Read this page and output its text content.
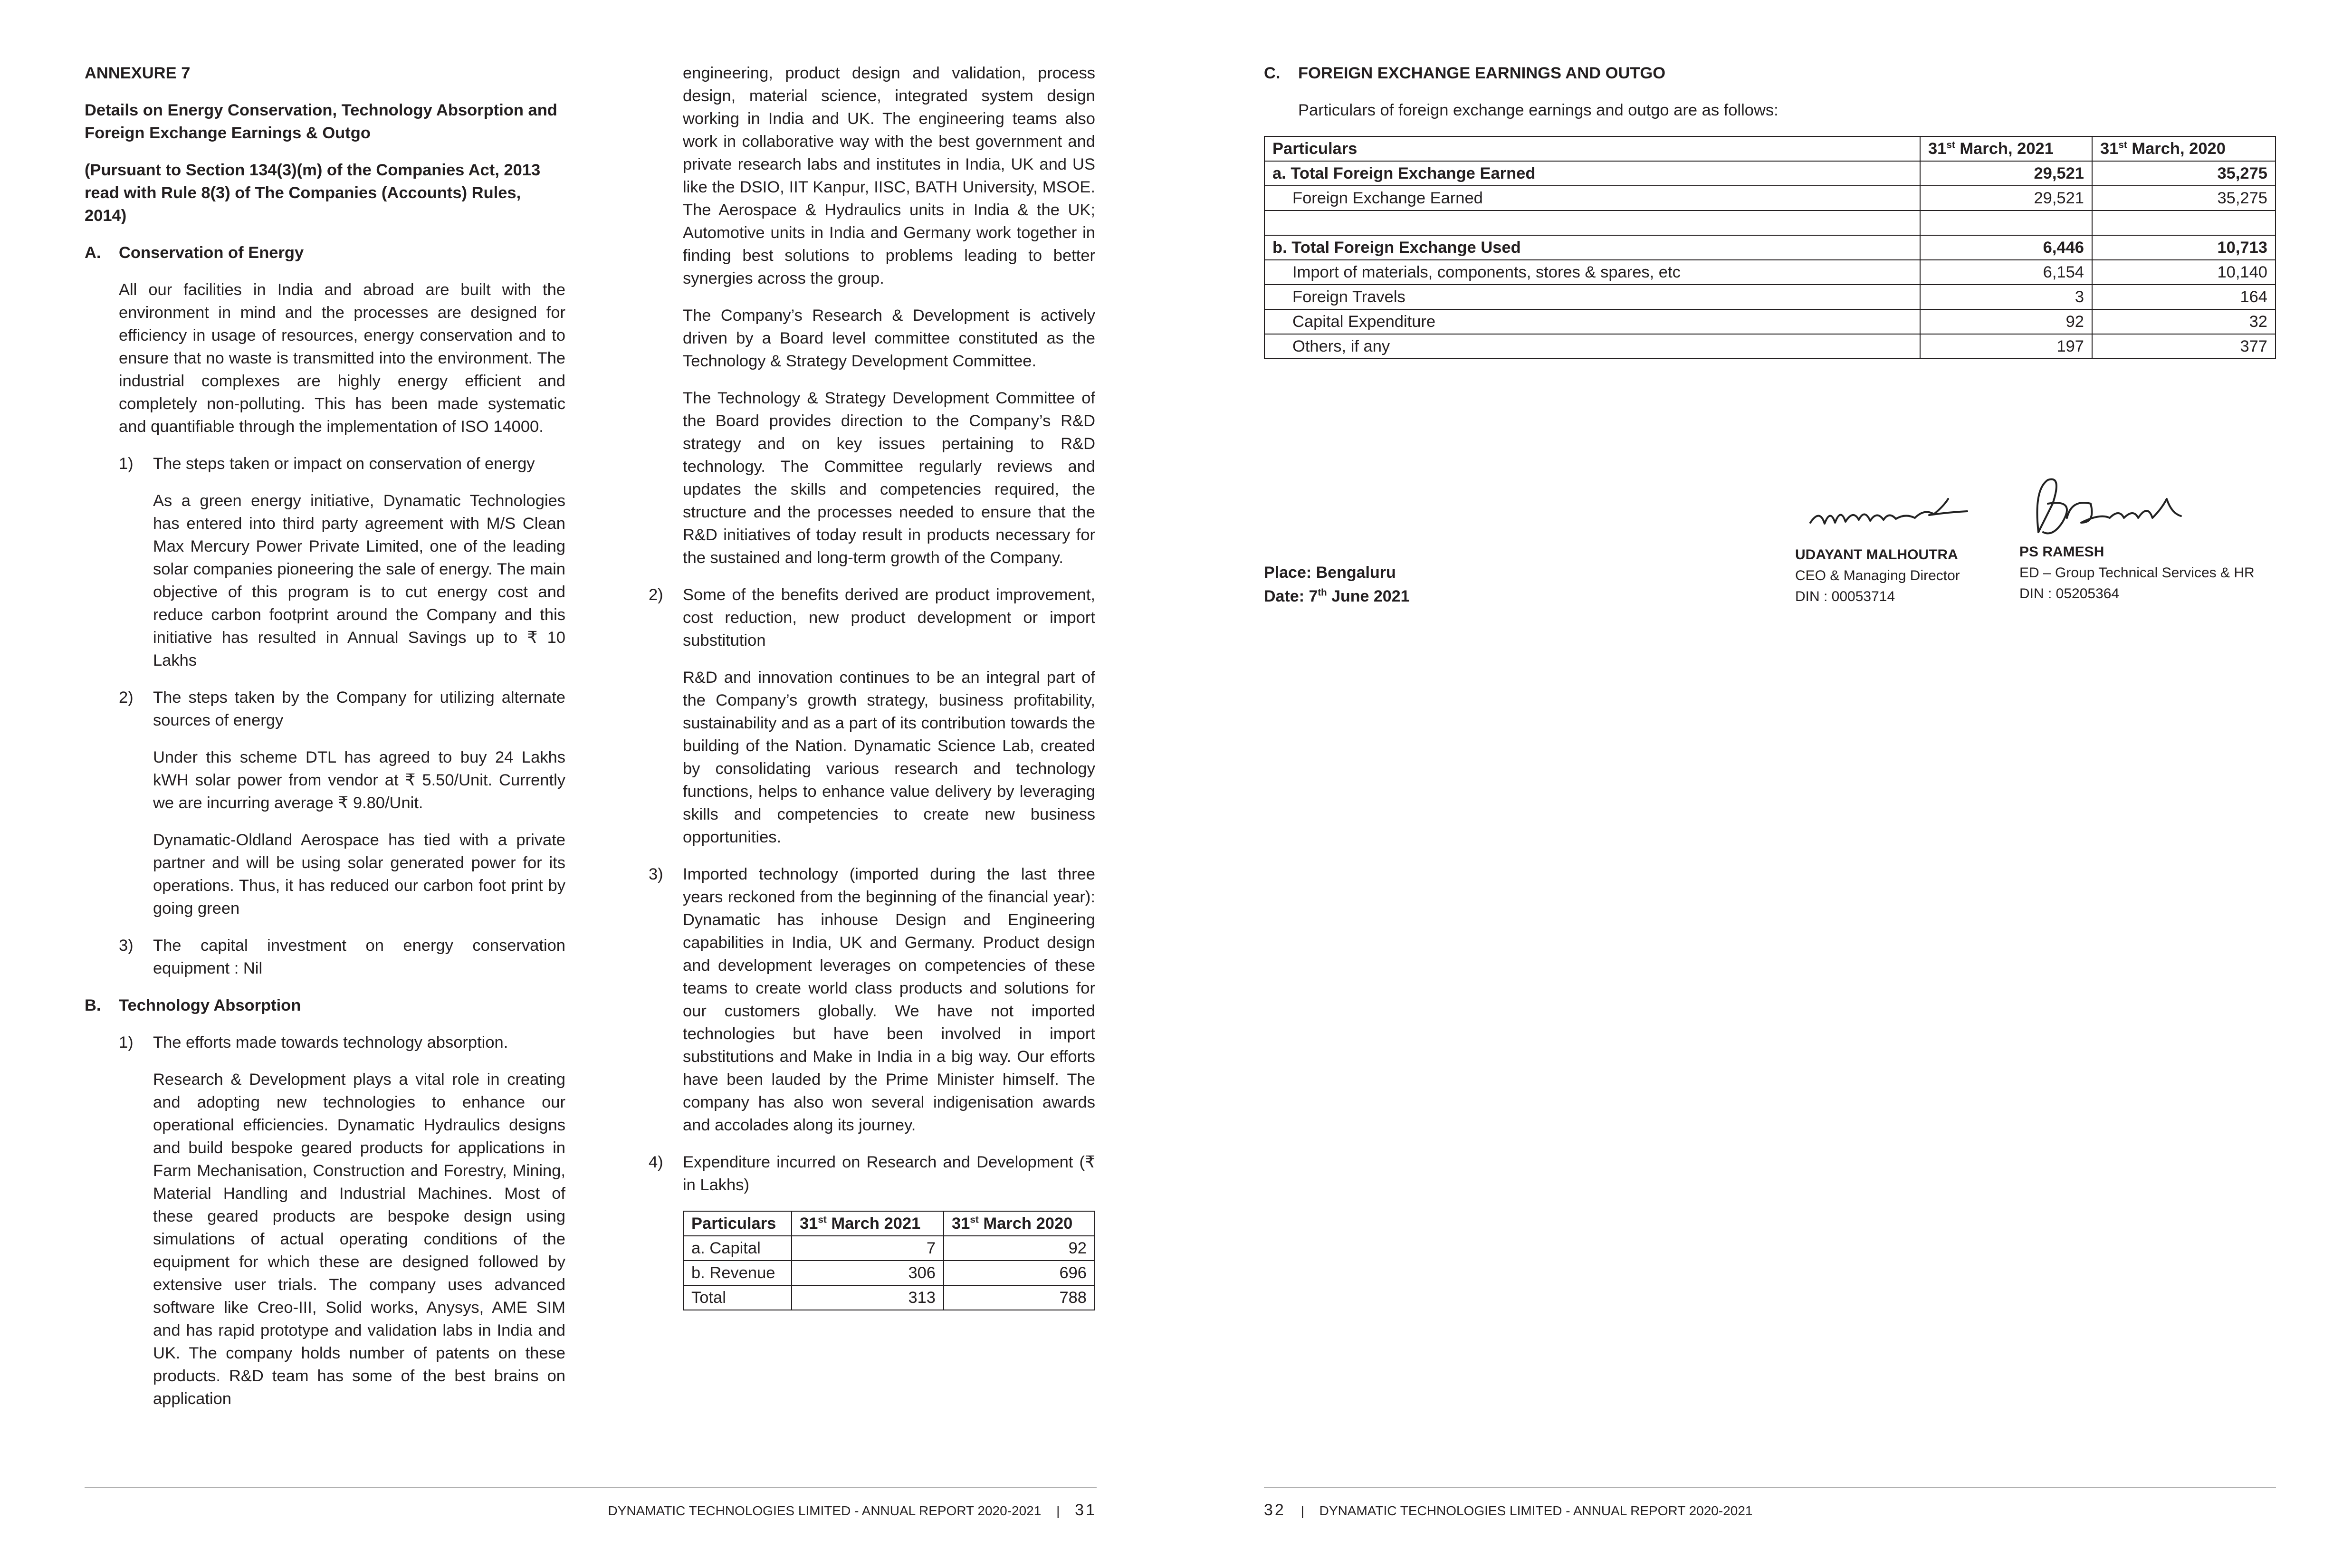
ANNEXURE 7
Details on Energy Conservation, Technology Absorption and Foreign Exchange Earnings & Outgo
(Pursuant to Section 134(3)(m) of the Companies Act, 2013 read with Rule 8(3) of The Companies (Accounts) Rules, 2014)
A. Conservation of Energy

All our facilities in India and abroad are built with the environment in mind and the processes are designed for efficiency in usage of resources, energy conservation and to ensure that no waste is transmitted into the environment. The industrial complexes are highly energy efficient and completely non-polluting. This has been made systematic and quantifiable through the implementation of ISO 14000.

1) The steps taken or impact on conservation of energy

As a green energy initiative, Dynamatic Technologies has entered into third party agreement with M/S Clean Max Mercury Power Private Limited, one of the leading solar companies pioneering the sale of energy. The main objective of this program is to cut energy cost and reduce carbon footprint around the Company and this initiative has resulted in Annual Savings up to ₹ 10 Lakhs

2) The steps taken by the Company for utilizing alternate sources of energy

Under this scheme DTL has agreed to buy 24 Lakhs kWH solar power from vendor at ₹ 5.50/Unit. Currently we are incurring average ₹ 9.80/Unit.

Dynamatic-Oldland Aerospace has tied with a private partner and will be using solar generated power for its operations. Thus, it has reduced our carbon foot print by going green

3) The capital investment on energy conservation equipment : Nil
B. Technology Absorption
1) The efforts made towards technology absorption.

Research & Development plays a vital role in creating and adopting new technologies to enhance our operational efficiencies. Dynamatic Hydraulics designs and build bespoke geared products for applications in Farm Mechanisation, Construction and Forestry, Mining, Material Handling and Industrial Machines. Most of these geared products are bespoke design using simulations of actual operating conditions of the equipment for which these are designed followed by extensive user trials. The company uses advanced software like Creo-III, Solid works, Anysys, AME SIM and has rapid prototype and validation labs in India and UK. The company holds number of patents on these products. R&D team has some of the best brains on application

engineering, product design and validation, process design, material science, integrated system design working in India and UK. The engineering teams also work in collaborative way with the best government and private research labs and institutes in India, UK and US like the DSIO, IIT Kanpur, IISC, BATH University, MSOE. The Aerospace & Hydraulics units in India & the UK; Automotive units in India and Germany work together in finding best solutions to problems leading to better synergies across the group.

The Company’s Research & Development is actively driven by a Board level committee constituted as the Technology & Strategy Development Committee.

The Technology & Strategy Development Committee of the Board provides direction to the Company’s R&D strategy and on key issues pertaining to R&D technology. The Committee regularly reviews and updates the skills and competencies required, the structure and the processes needed to ensure that the R&D initiatives of today result in products necessary for the sustained and long-term growth of the Company.

2) Some of the benefits derived are product improvement, cost reduction, new product development or import substitution

R&D and innovation continues to be an integral part of the Company’s growth strategy, business profitability, sustainability and as a part of its contribution towards the building of the Nation. Dynamatic Science Lab, created by consolidating various research and technology functions, helps to enhance value delivery by leveraging skills and competencies to create new business opportunities.

3) Imported technology (imported during the last three years reckoned from the beginning of the financial year): Dynamatic has inhouse Design and Engineering capabilities in India, UK and Germany. Product design and development leverages on competencies of these teams to create world class products and solutions for our customers globally. We have not imported technologies but have been involved in import substitutions and Make in India in a big way. Our efforts have been lauded by the Prime Minister himself. The company has also won several indigenisation awards and accolades along its journey.
4) Expenditure incurred on Research and Development (₹ in Lakhs)
Particulars	31st March 2021	31st March 2020
a. Capital	7	92
b. Revenue	306	696
Total	313	788
C. FOREIGN EXCHANGE EARNINGS AND OUTGO

Particulars of foreign exchange earnings and outgo are as follows:

Particulars	31st March, 2021	31st March, 2020
a. Total Foreign Exchange Earned	29,521	35,275
Foreign Exchange Earned	29,521	35,275

b. Total Foreign Exchange Used	6,446	10,713
Import of materials, components, stores & spares, etc	6,154	10,140
Foreign Travels	3	164
Capital Expenditure	92	32
Others, if any	197	377
Place: Bengaluru
Date: 7th June 2021
UDAYANT MALHOUTRA
CEO & Managing Director
DIN : 00053714
PS RAMESH
ED – Group Technical Services & HR
DIN : 05205364
DYNAMATIC TECHNOLOGIES LIMITED - ANNUAL REPORT 2020-2021 | 31	32 | DYNAMATIC TECHNOLOGIES LIMITED - ANNUAL REPORT 2020-2021
